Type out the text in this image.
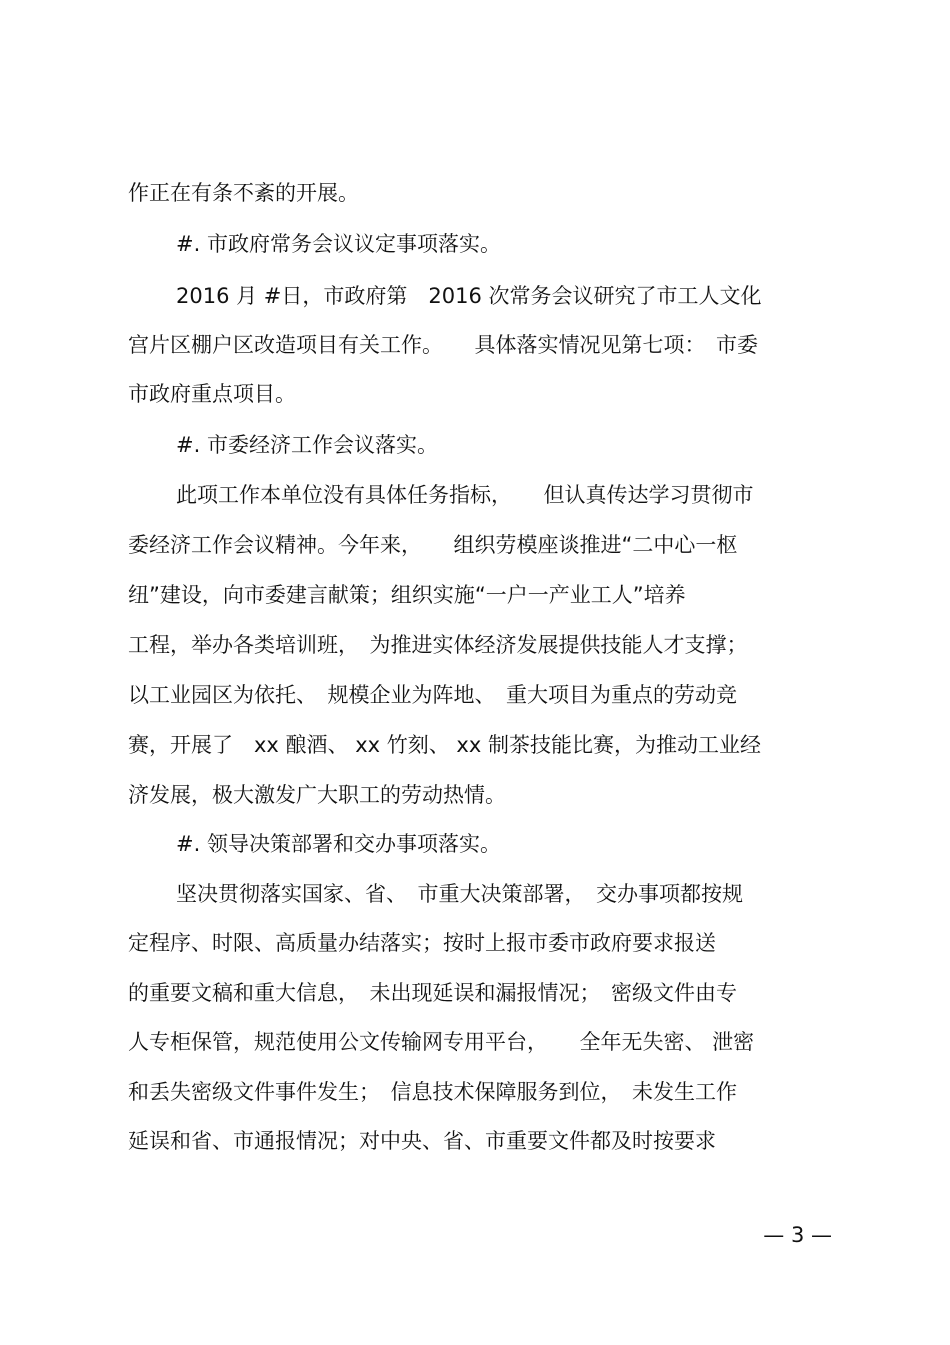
作正在有条不紊的开展。
#. 市政府常务会议议定事项落实。
2016 月 #日，市政府第　2016 次常务会议研究了市工人文化
宫片区棚户区改造项目有关工作。　　具体落实情况见第七项：　市委
市政府重点项目。
#. 市委经济工作会议落实。
此项工作本单位没有具体任务指标，　　但认真传达学习贯彻市
委经济工作会议精神。今年来，　　组织劳模座谈推进“二中心一枢
纽”建设，向市委建言献策；组织实施“一户一产业工人”培养
工程，举办各类培训班，　为推进实体经济发展提供技能人才支撑；
以工业园区为依托、　规模企业为阵地、　重大项目为重点的劳动竞
赛，开展了　xx 酿酒、 xx 竹刻、 xx 制茶技能比赛，为推动工业经
济发展，极大激发广大职工的劳动热情。
#. 领导决策部署和交办事项落实。
坚决贯彻落实国家、省、　市重大决策部署，　交办事项都按规
定程序、时限、高质量办结落实；按时上报市委市政府要求报送
的重要文稿和重大信息，　未出现延误和漏报情况；　密级文件由专
人专柜保管，规范使用公文传输网专用平台，　　全年无失密、 泄密
和丢失密级文件事件发生；　信息技术保障服务到位，　未发生工作
延误和省、市通报情况；对中央、省、市重要文件都及时按要求
— 3 —
